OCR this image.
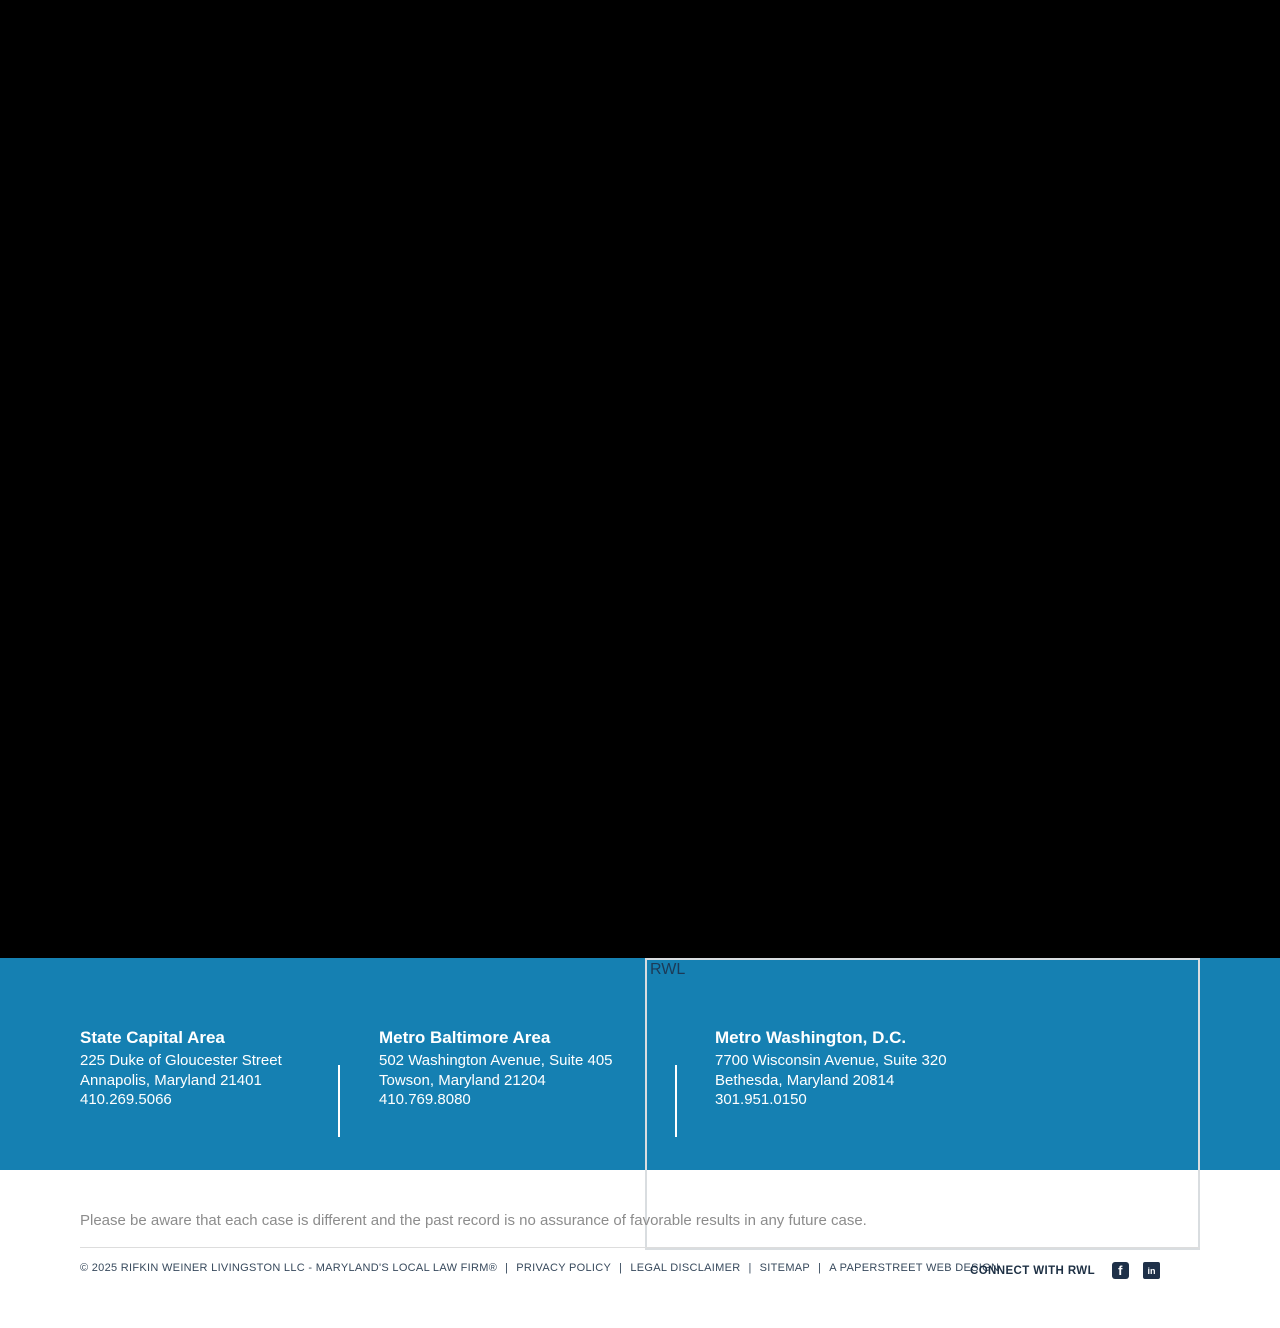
State Capital Area
225 Duke of Gloucester Street
Annapolis, Maryland 21401
410.269.5066
Metro Baltimore Area
502 Washington Avenue, Suite 405
Towson, Maryland 21204
410.769.8080
Metro Washington, D.C.
7700 Wisconsin Avenue, Suite 320
Bethesda, Maryland 20814
301.951.0150
RWL

Please be aware that each case is different and the past record is no assurance of favorable results in any future case.

© 2025 RIFKIN WEINER LIVINGSTON LLC - MARYLAND'S LOCAL LAW FIRM® | PRIVACY POLICY | LEGAL DISCLAIMER | SITEMAP | A PAPERSTREET WEB DESIGN
CONNECT WITH RWL f	in
